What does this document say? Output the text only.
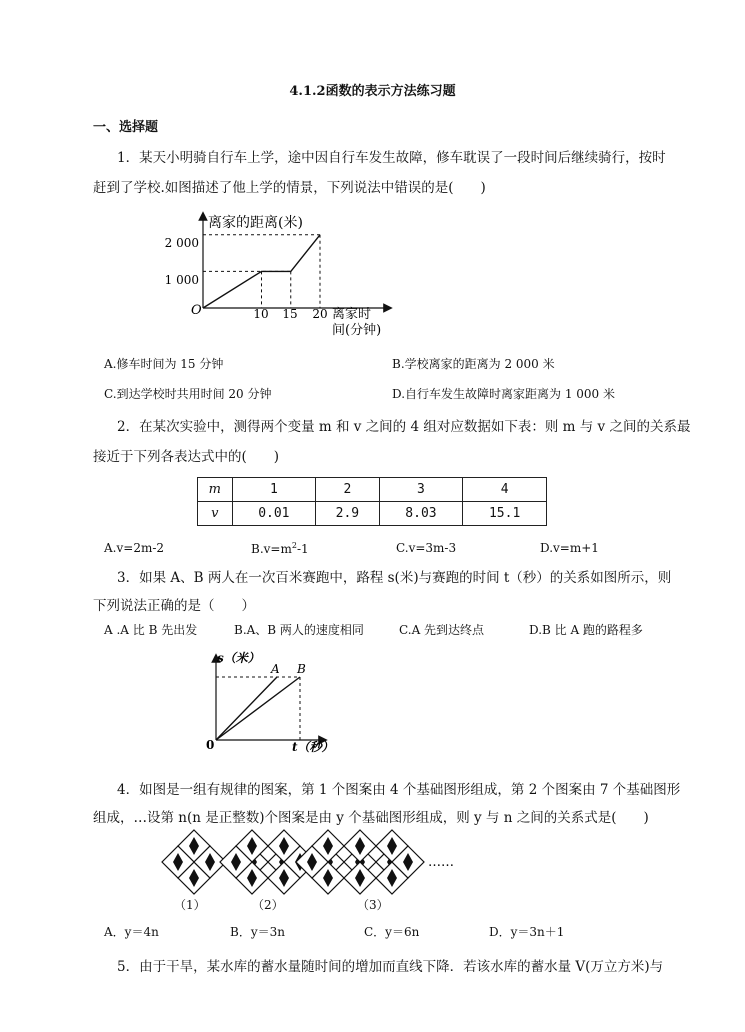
4.1.2函数的表示方法练习题
一、选择题
1．某天小明骑自行车上学，途中因自行车发生故障，修车耽误了一段时间后继续骑行，按时
赶到了学校.如图描述了他上学的情景，下列说法中错误的是(　　)
离家的距离(米)
2 000
1 000
O	10 15 20 离家时
间(分钟)
A.修车时间为 15 分钟	B.学校离家的距离为 2 000 米
C.到达学校时共用时间 20 分钟	D.自行车发生故障时离家距离为 1 000 米
2．在某次实验中，测得两个变量 m 和 v 之间的 4 组对应数据如下表：则 m 与 v 之间的关系最
接近于下列各表达式中的(　　)
m	1	2	3	4
v	0.01	2.9	8.03	15.1
A.v=2m-2	$B.v=m^2-1$	C.v=3m-3	D.v=m+1
3．如果 A、B 两人在一次百米赛跑中，路程 s(米)与赛跑的时间 t（秒）的关系如图所示，则
下列说法正确的是（　　）
A .A 比 B 先出发	B.A、B 两人的速度相同	C.A 先到达终点	D.B 比 A 跑的路程多
s（米）
A B
0	t（秒）
4．如图是一组有规律的图案，第 1 个图案由 4 个基础图形组成，第 2 个图案由 7 个基础图形
组成，…设第 n(n 是正整数)个图案是由 y 个基础图形组成，则 y 与 n 之间的关系式是(　　)
……
（1）	（2）	（3）
A．y＝4n	B．y＝3n	C．y＝6n	D．y＝3n＋1
5．由于干旱，某水库的蓄水量随时间的增加而直线下降．若该水库的蓄水量 V(万立方米)与
